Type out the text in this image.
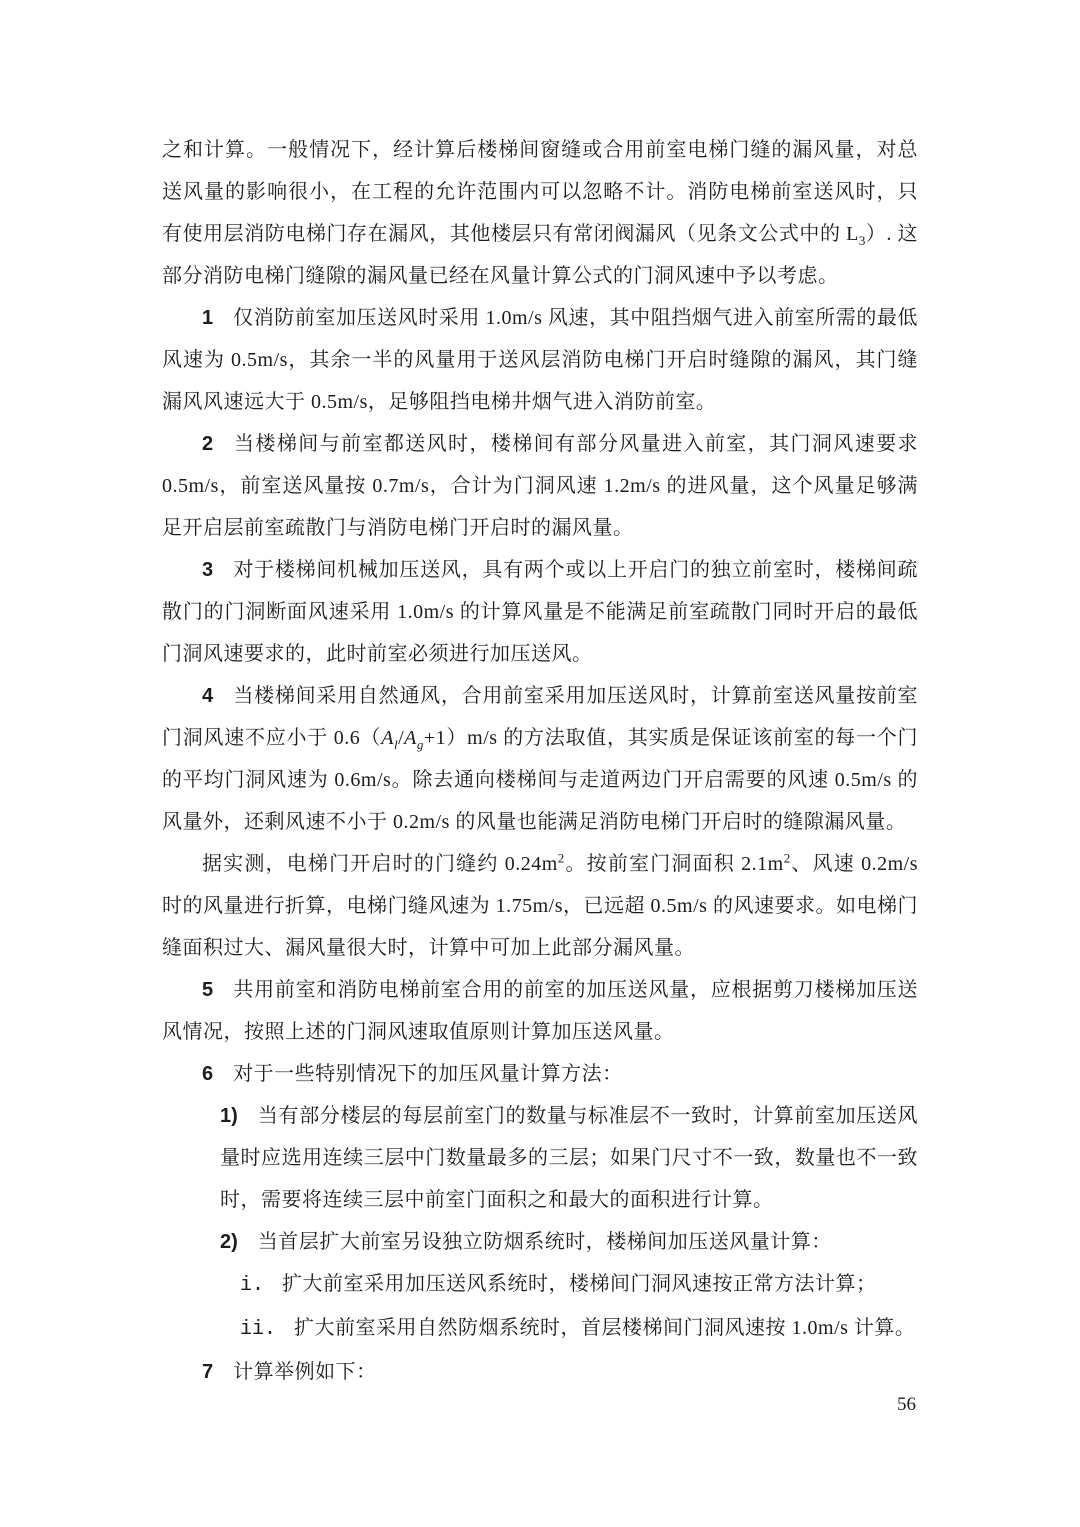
之和计算。一般情况下，经计算后楼梯间窗缝或合用前室电梯门缝的漏风量，对总送风量的影响很小，在工程的允许范围内可以忽略不计。消防电梯前室送风时，只有使用层消防电梯门存在漏风，其他楼层只有常闭阀漏风（见条文公式中的 $L_3$）. 这部分消防电梯门缝隙的漏风量已经在风量计算公式的门洞风速中予以考虑。
1 仅消防前室加压送风时采用 1.0m/s 风速，其中阻挡烟气进入前室所需的最低风速为 0.5m/s，其余一半的风量用于送风层消防电梯门开启时缝隙的漏风，其门缝漏风风速远大于 0.5m/s，足够阻挡电梯井烟气进入消防前室。
2 当楼梯间与前室都送风时，楼梯间有部分风量进入前室，其门洞风速要求 0.5m/s，前室送风量按 0.7m/s，合计为门洞风速 1.2m/s 的进风量，这个风量足够满足开启层前室疏散门与消防电梯门开启时的漏风量。
3 对于楼梯间机械加压送风，具有两个或以上开启门的独立前室时，楼梯间疏散门的门洞断面风速采用 1.0m/s 的计算风量是不能满足前室疏散门同时开启的最低门洞风速要求的，此时前室必须进行加压送风。
4 当楼梯间采用自然通风，合用前室采用加压送风时，计算前室送风量按前室门洞风速不应小于 $0.6(A_l/A_g+1)m/s$ 的方法取值，其实质是保证该前室的每一个门的平均门洞风速为 0.6m/s。除去通向楼梯间与走道两边门开启需要的风速 0.5m/s 的风量外，还剩风速不小于 0.2m/s 的风量也能满足消防电梯门开启时的缝隙漏风量。
据实测，电梯门开启时的门缝约 $0.24m^2$。按前室门洞面积 $2.1m^2$、风速 0.2m/s 时的风量进行折算，电梯门缝风速为 1.75m/s，已远超 0.5m/s 的风速要求。如电梯门缝面积过大、漏风量很大时，计算中可加上此部分漏风量。
5 共用前室和消防电梯前室合用的前室的加压送风量，应根据剪刀楼梯加压送风情况，按照上述的门洞风速取值原则计算加压送风量。
6 对于一些特别情况下的加压风量计算方法：
1) 当有部分楼层的每层前室门的数量与标准层不一致时，计算前室加压送风量时应选用连续三层中门数量最多的三层；如果门尺寸不一致，数量也不一致时，需要将连续三层中前室门面积之和最大的面积进行计算。
2) 当首层扩大前室另设独立防烟系统时，楼梯间加压送风量计算：
i. 扩大前室采用加压送风系统时，楼梯间门洞风速按正常方法计算；
ii. 扩大前室采用自然防烟系统时，首层楼梯间门洞风速按 1.0m/s 计算。
7 计算举例如下：
56
